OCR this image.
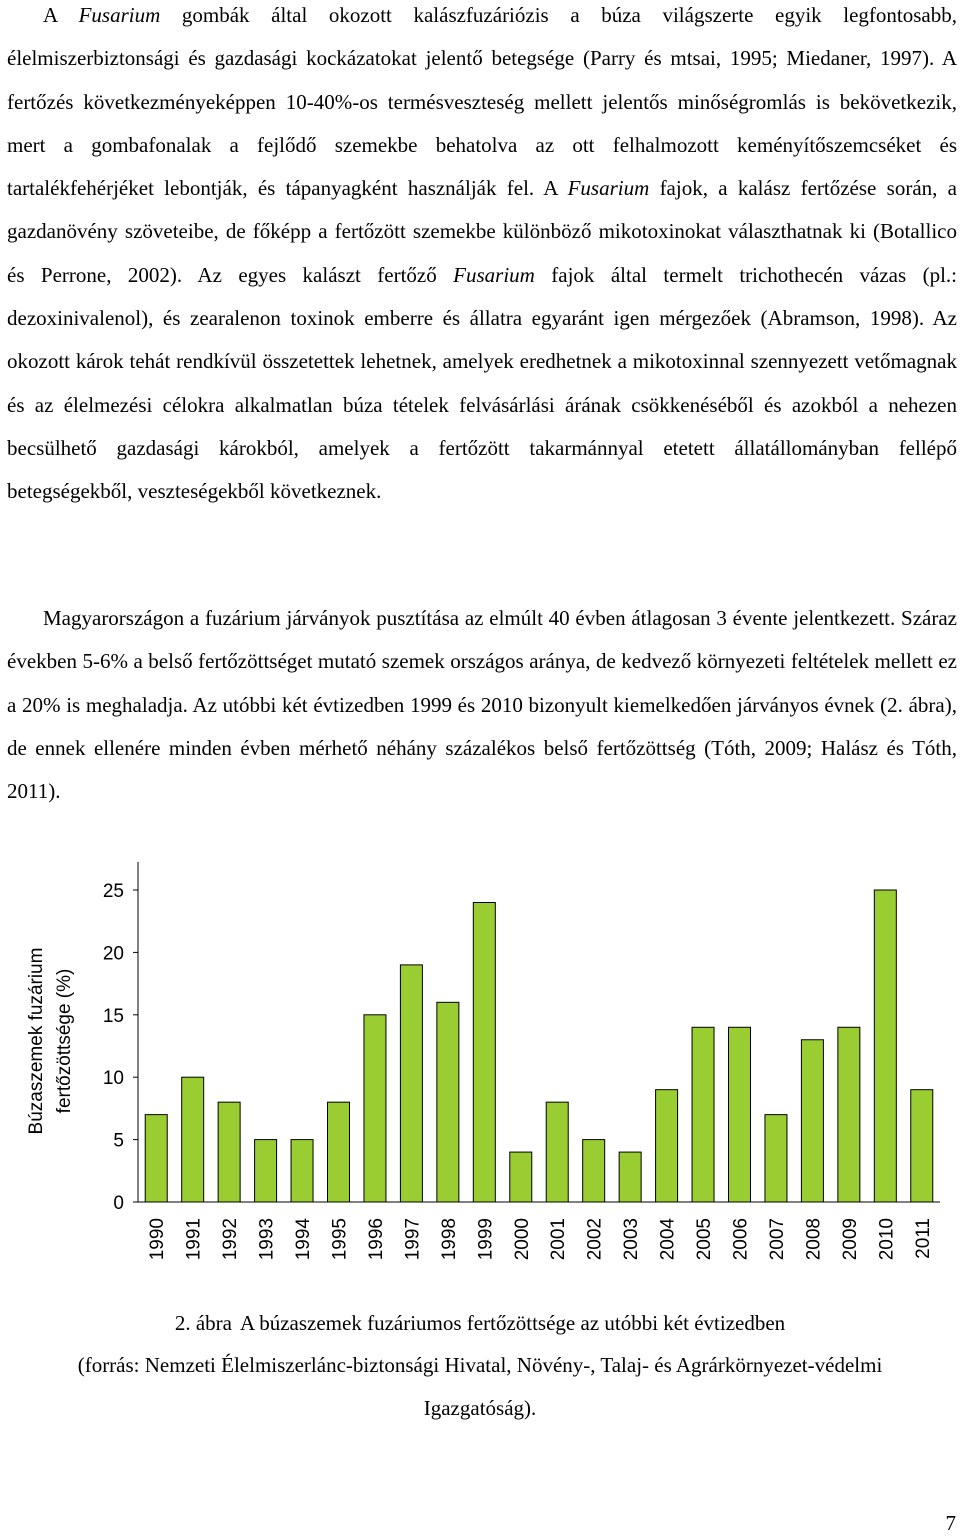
A Fusarium gombák által okozott kalászfuzáriózis a búza világszerte egyik legfontosabb, élelmiszerbiztonsági és gazdasági kockázatokat jelentő betegsége (Parry és mtsai, 1995; Miedaner, 1997). A fertőzés következményeképpen 10-40%-os termésveszteség mellett jelentős minőségromlás is bekövetkezik, mert a gombafonalak a fejlődő szemekbe behatolva az ott felhalmozott keményítőszemcséket és tartalékfehérjéket lebontják, és tápanyagként használják fel. A Fusarium fajok, a kalász fertőzése során, a gazdanövény szöveteibe, de főképp a fertőzött szemekbe különböző mikotoxinokat választhatnak ki (Botallico és Perrone, 2002). Az egyes kalászt fertőző Fusarium fajok által termelt trichothecén vázas (pl.: dezoxinivalenol), és zearalenon toxinok emberre és állatra egyaránt igen mérgezőek (Abramson, 1998). Az okozott károk tehát rendkívül összetettek lehetnek, amelyek eredhetnek a mikotoxinnal szennyezett vetőmagnak és az élelmezési célokra alkalmatlan búza tételek felvásárlási árának csökkenéséből és azokból a nehezen becsülhető gazdasági károkból, amelyek a fertőzött takarmánnyal etetett állatállományban fellépő betegségekből, veszteségekből következnek.

Magyarországon a fuzárium járványok pusztítása az elmúlt 40 évben átlagosan 3 évente jelentkezett. Száraz években 5-6% a belső fertőzöttséget mutató szemek országos aránya, de kedvező környezeti feltételek mellett ez a 20% is meghaladja. Az utóbbi két évtizedben 1999 és 2010 bizonyult kiemelkedően járványos évnek (2. ábra), de ennek ellenére minden évben mérhető néhány százalékos belső fertőzöttség (Tóth, 2009; Halász és Tóth, 2011).

Búzaszemek fuzárium fertőzöttsége (%)
0
5
10
15
20
25
1990 1991 1992 1993 1994 1995 1996 1997 1998 1999 2000 2001 2002 2003 2004 2005 2006 2007 2008 2009 2010 2011

2. ábra A búzaszemek fuzáriumos fertőzöttsége az utóbbi két évtizedben

(forrás: Nemzeti Élelmiszerlánc-biztonsági Hivatal, Növény-, Talaj- és Agrárkörnyezet-védelmi Igazgatóság).

7
